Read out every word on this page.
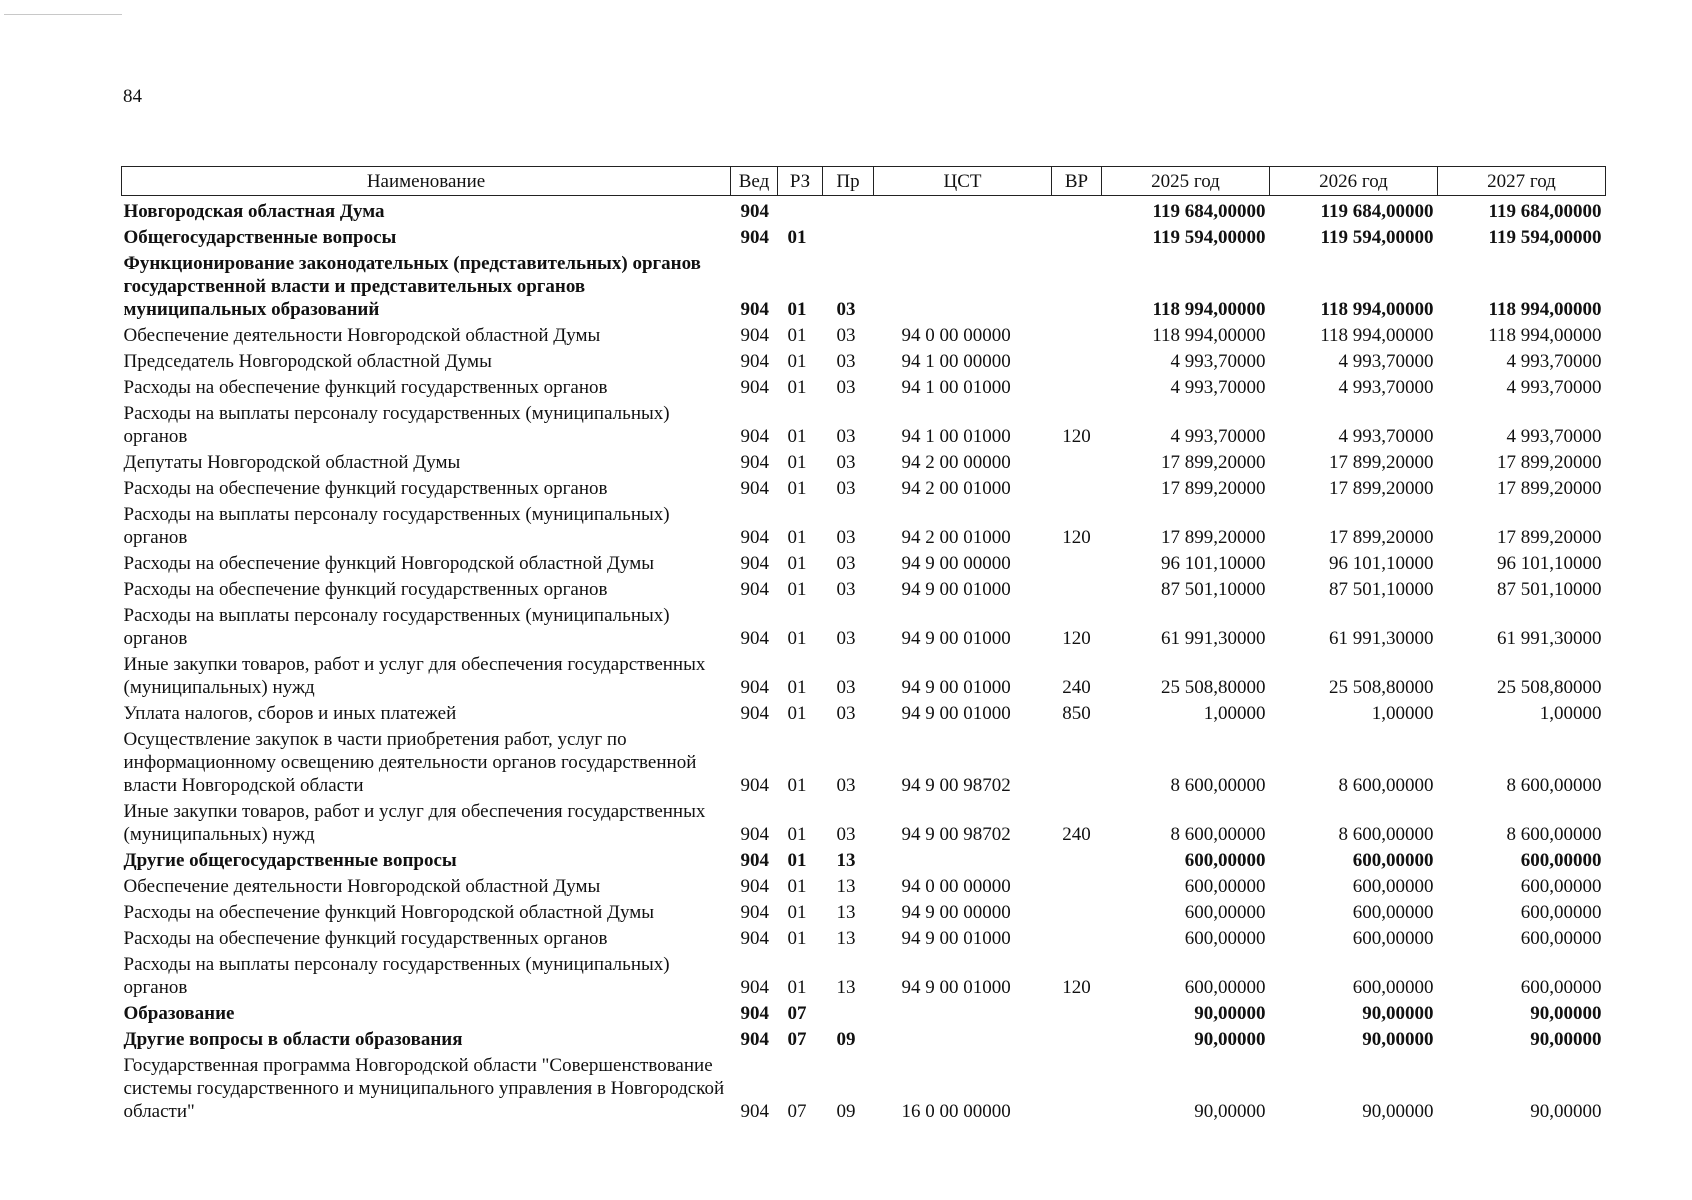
84
Наименование	Вед	РЗ	Пр	ЦСТ	ВР	2025 год	2026 год	2027 год
Новгородская областная Дума	904					119 684,00000	119 684,00000	119 684,00000
Общегосударственные вопросы	904	01				119 594,00000	119 594,00000	119 594,00000
Функционирование законодательных (представительных) органов государственной власти и представительных органов муниципальных образований	904	01	03			118 994,00000	118 994,00000	118 994,00000
Обеспечение деятельности Новгородской областной Думы	904	01	03	94 0 00 00000		118 994,00000	118 994,00000	118 994,00000
Председатель Новгородской областной Думы	904	01	03	94 1 00 00000		4 993,70000	4 993,70000	4 993,70000
Расходы на обеспечение функций государственных органов	904	01	03	94 1 00 01000		4 993,70000	4 993,70000	4 993,70000
Расходы на выплаты персоналу государственных (муниципальных) органов	904	01	03	94 1 00 01000	120	4 993,70000	4 993,70000	4 993,70000
Депутаты Новгородской областной Думы	904	01	03	94 2 00 00000		17 899,20000	17 899,20000	17 899,20000
Расходы на обеспечение функций государственных органов	904	01	03	94 2 00 01000		17 899,20000	17 899,20000	17 899,20000
Расходы на выплаты персоналу государственных (муниципальных) органов	904	01	03	94 2 00 01000	120	17 899,20000	17 899,20000	17 899,20000
Расходы на обеспечение функций Новгородской областной Думы	904	01	03	94 9 00 00000		96 101,10000	96 101,10000	96 101,10000
Расходы на обеспечение функций государственных органов	904	01	03	94 9 00 01000		87 501,10000	87 501,10000	87 501,10000
Расходы на выплаты персоналу государственных (муниципальных) органов	904	01	03	94 9 00 01000	120	61 991,30000	61 991,30000	61 991,30000
Иные закупки товаров, работ и услуг для обеспечения государственных (муниципальных) нужд	904	01	03	94 9 00 01000	240	25 508,80000	25 508,80000	25 508,80000
Уплата налогов, сборов и иных платежей	904	01	03	94 9 00 01000	850	1,00000	1,00000	1,00000
Осуществление закупок в части приобретения работ, услуг по информационному освещению деятельности органов государственной власти Новгородской области	904	01	03	94 9 00 98702		8 600,00000	8 600,00000	8 600,00000
Иные закупки товаров, работ и услуг для обеспечения государственных (муниципальных) нужд	904	01	03	94 9 00 98702	240	8 600,00000	8 600,00000	8 600,00000
Другие общегосударственные вопросы	904	01	13			600,00000	600,00000	600,00000
Обеспечение деятельности Новгородской областной Думы	904	01	13	94 0 00 00000		600,00000	600,00000	600,00000
Расходы на обеспечение функций Новгородской областной Думы	904	01	13	94 9 00 00000		600,00000	600,00000	600,00000
Расходы на обеспечение функций государственных органов	904	01	13	94 9 00 01000		600,00000	600,00000	600,00000
Расходы на выплаты персоналу государственных (муниципальных) органов	904	01	13	94 9 00 01000	120	600,00000	600,00000	600,00000
Образование	904	07				90,00000	90,00000	90,00000
Другие вопросы в области образования	904	07	09			90,00000	90,00000	90,00000
Государственная программа Новгородской области "Совершенствование системы государственного и муниципального управления в Новгородской области"	904	07	09	16 0 00 00000		90,00000	90,00000	90,00000
